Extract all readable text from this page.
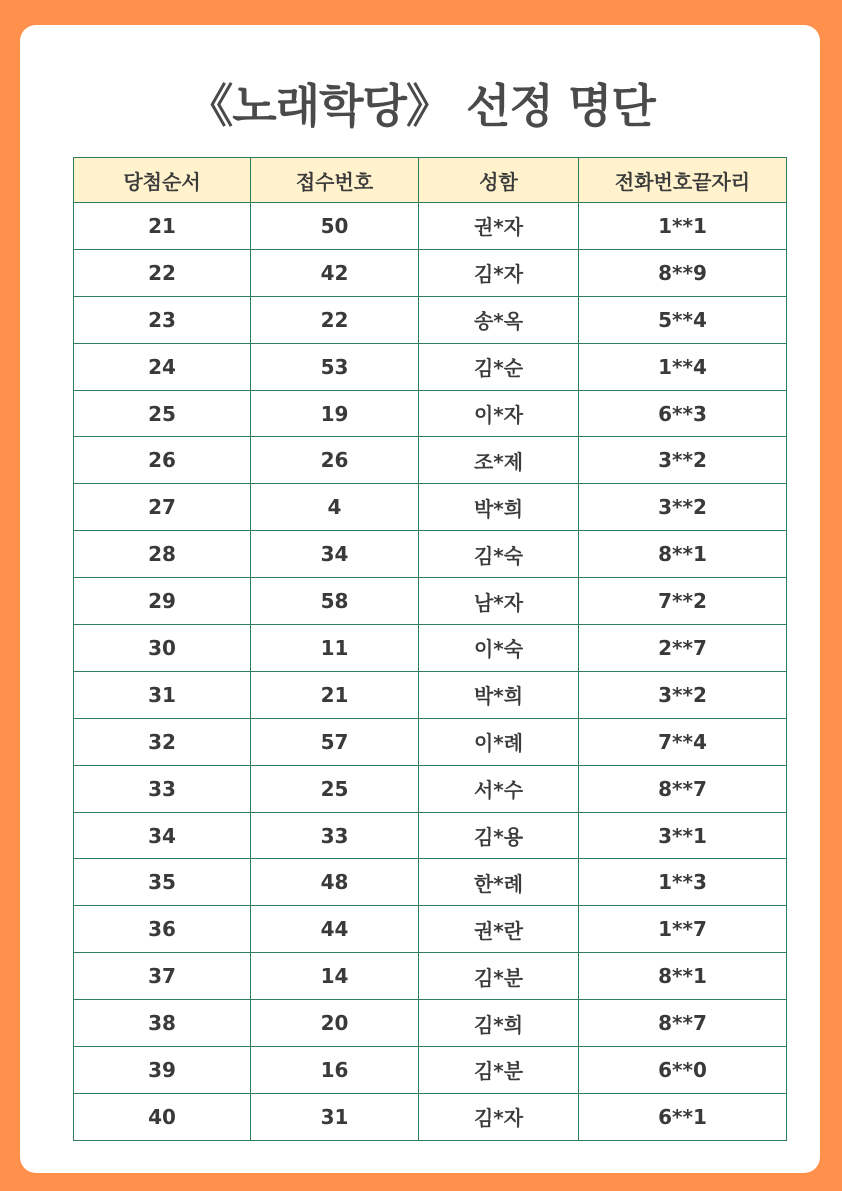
《노래학당》 선정 명단
당첨순서	접수번호	성함	전화번호끝자리
21	50	권*자	1**1
22	42	김*자	8**9
23	22	송*옥	5**4
24	53	김*순	1**4
25	19	이*자	6**3
26	26	조*제	3**2
27	4	박*희	3**2
28	34	김*숙	8**1
29	58	남*자	7**2
30	11	이*숙	2**7
31	21	박*희	3**2
32	57	이*례	7**4
33	25	서*수	8**7
34	33	김*용	3**1
35	48	한*례	1**3
36	44	권*란	1**7
37	14	김*분	8**1
38	20	김*희	8**7
39	16	김*분	6**0
40	31	김*자	6**1
